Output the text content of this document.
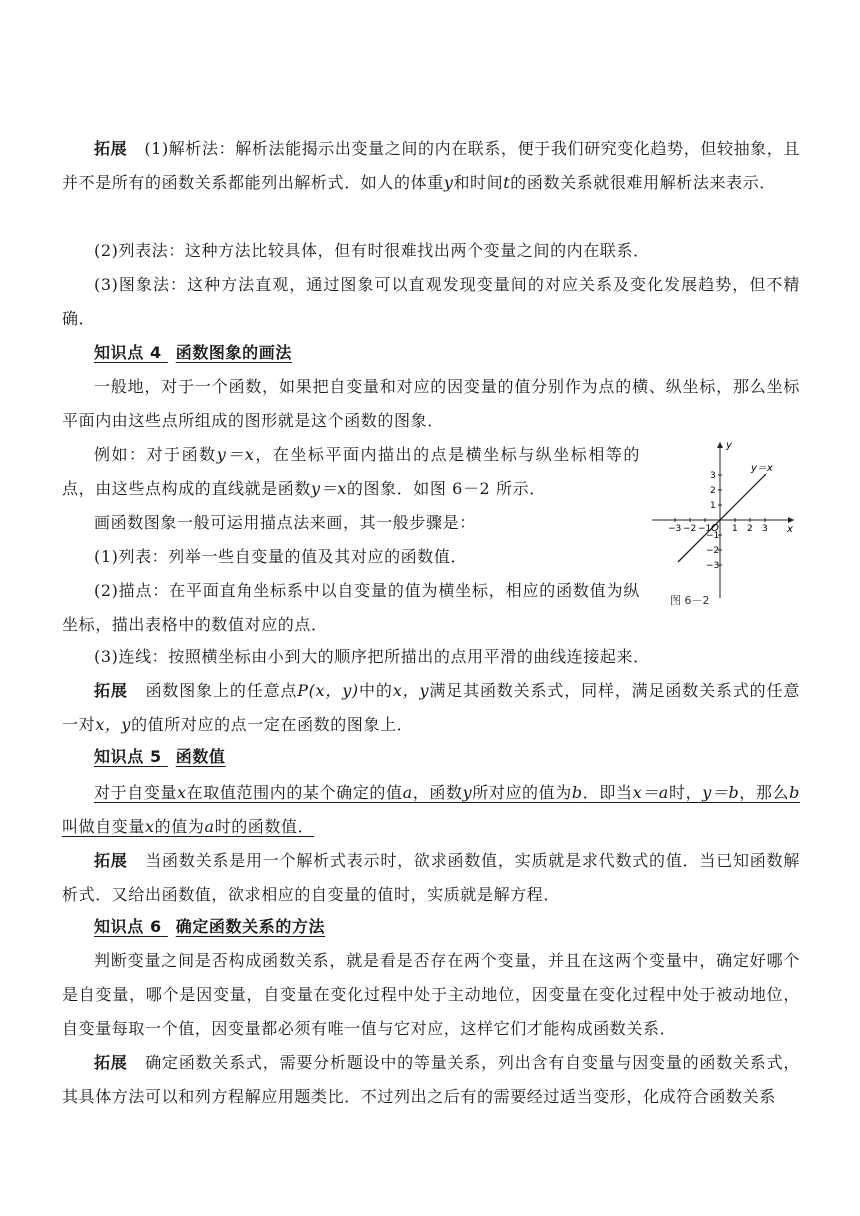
拓展 (1)解析法：解析法能揭示出变量之间的内在联系，便于我们研究变化趋势，但较抽象，且并不是所有的函数关系都能列出解析式．如人的体重y和时间t的函数关系就很难用解析法来表示．

(2)列表法：这种方法比较具体，但有时很难找出两个变量之间的内在联系．

(3)图象法：这种方法直观，通过图象可以直观发现变量间的对应关系及变化发展趋势，但不精确．

知识点 4 函数图象的画法

一般地，对于一个函数，如果把自变量和对应的因变量的值分别作为点的横、纵坐标，那么坐标平面内由这些点所组成的图形就是这个函数的图象．

例如：对于函数y＝x，在坐标平面内描出的点是横坐标与纵坐标相等的点，由这些点构成的直线就是函数y＝x的图象．如图 6－2 所示．

画函数图象一般可运用描点法来画，其一般步骤是：

(1)列表：列举一些自变量的值及其对应的函数值．

(2)描点：在平面直角坐标系中以自变量的值为横坐标，相应的函数值为纵坐标，描出表格中的数值对应的点．

(3)连线：按照横坐标由小到大的顺序把所描出的点用平滑的曲线连接起来．

y
x
y＝x
O
−3 −2 −1 1 2 3
3
2
1
−1
−2
−3
图 6－2

拓展 函数图象上的任意点P(x，y)中的x，y满足其函数关系式，同样，满足函数关系式的任意一对x，y的值所对应的点一定在函数的图象上．

知识点 5 函数值

对于自变量x在取值范围内的某个确定的值a，函数y所对应的值为b．即当x＝a时，y＝b，那么b叫做自变量x的值为a时的函数值．

拓展 当函数关系是用一个解析式表示时，欲求函数值，实质就是求代数式的值．当已知函数解析式．又给出函数值，欲求相应的自变量的值时，实质就是解方程．

知识点 6 确定函数关系的方法

判断变量之间是否构成函数关系，就是看是否存在两个变量，并且在这两个变量中，确定好哪个是自变量，哪个是因变量，自变量在变化过程中处于主动地位，因变量在变化过程中处于被动地位，自变量每取一个值，因变量都必须有唯一值与它对应，这样它们才能构成函数关系．

拓展 确定函数关系式，需要分析题设中的等量关系，列出含有自变量与因变量的函数关系式，其具体方法可以和列方程解应用题类比．不过列出之后有的需要经过适当变形，化成符合函数关系
